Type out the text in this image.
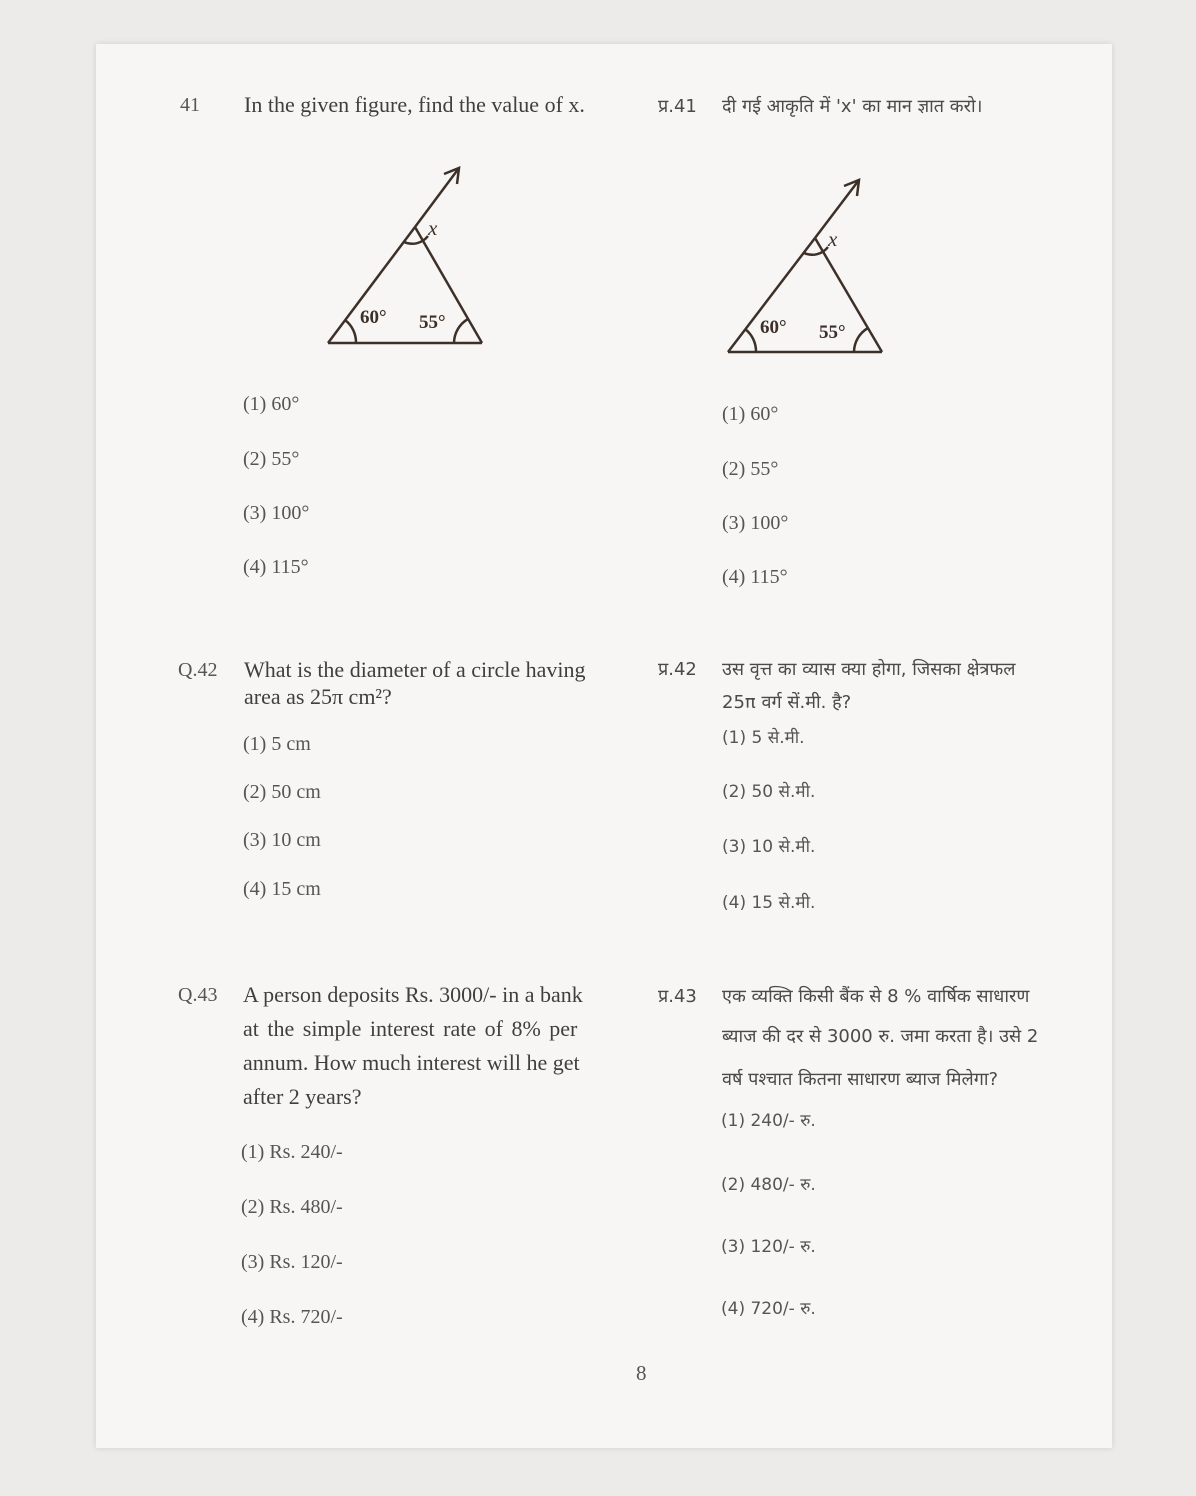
41 In the given figure, find the value of x.	प्र.41 दी गई आकृति में 'x' का मान ज्ञात करो।
60° 55°
x
60° 55°
x
(1) 60°
(2) 55°
(3) 100°
(4) 115°
(1) 60°
(2) 55°
(3) 100°
(4) 115°
Q.42 What is the diameter of a circle having
area as 25π cm²?
प्र.42 उस वृत्त का व्यास क्या होगा, जिसका क्षेत्रफल
25π वर्ग सें.मी. है?
(1) 5 cm
(2) 50 cm
(3) 10 cm
(4) 15 cm
(1) 5 से.मी.
(2) 50 से.मी.
(3) 10 से.मी.
(4) 15 से.मी.
Q.43 A person deposits Rs. 3000/- in a bank
at the simple interest rate of 8% per
annum. How much interest will he get
after 2 years?
प्र.43 एक व्यक्ति किसी बैंक से 8 % वार्षिक साधारण
ब्याज की दर से 3000 रु. जमा करता है। उसे 2
वर्ष पश्चात कितना साधारण ब्याज मिलेगा?
(1) Rs. 240/-
(2) Rs. 480/-
(3) Rs. 120/-
(4) Rs. 720/-
(1) 240/- रु.
(2) 480/- रु.
(3) 120/- रु.
(4) 720/- रु.
8
